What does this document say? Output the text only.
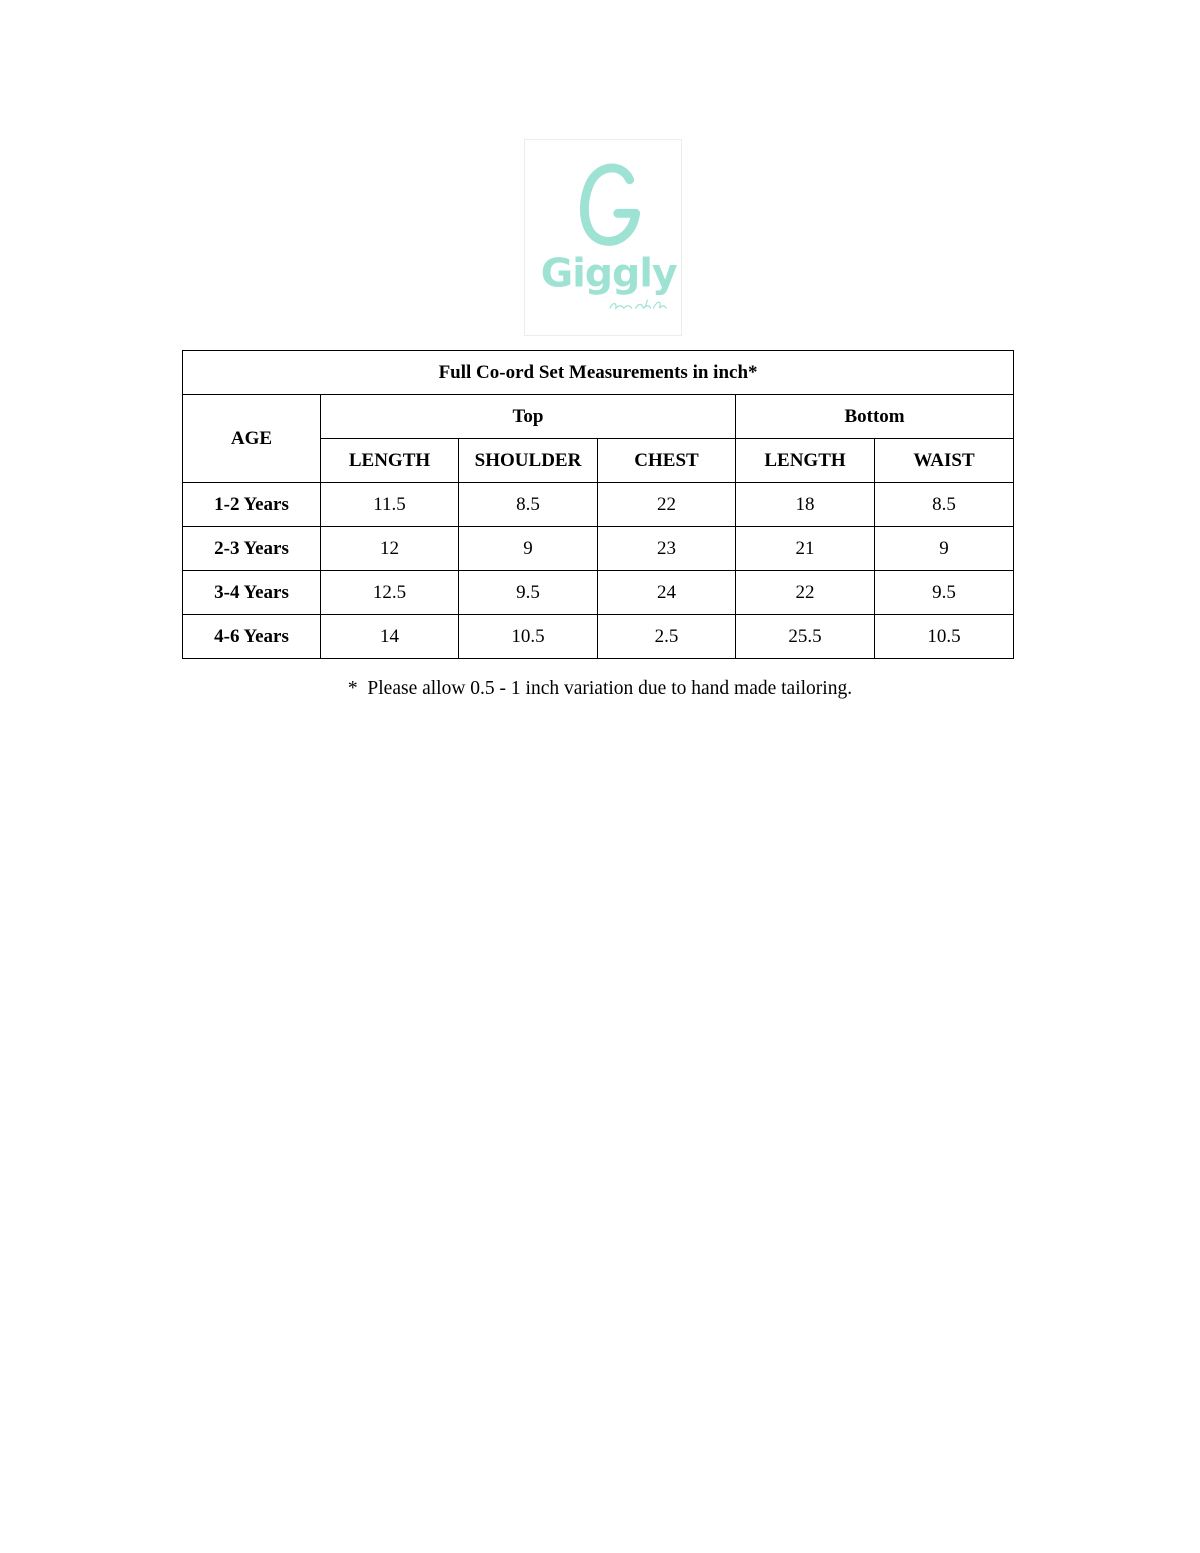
Giggly
Full Co-ord Set Measurements in inch*					
AGE	Top			Bottom	
	LENGTH	SHOULDER	CHEST	LENGTH	WAIST
1-2 Years	11.5	8.5	22	18	8.5
2-3 Years	12	9	23	21	9
3-4 Years	12.5	9.5	24	22	9.5
4-6 Years	14	10.5	2.5	25.5	10.5
*  Please allow 0.5 - 1 inch variation due to hand made tailoring.
